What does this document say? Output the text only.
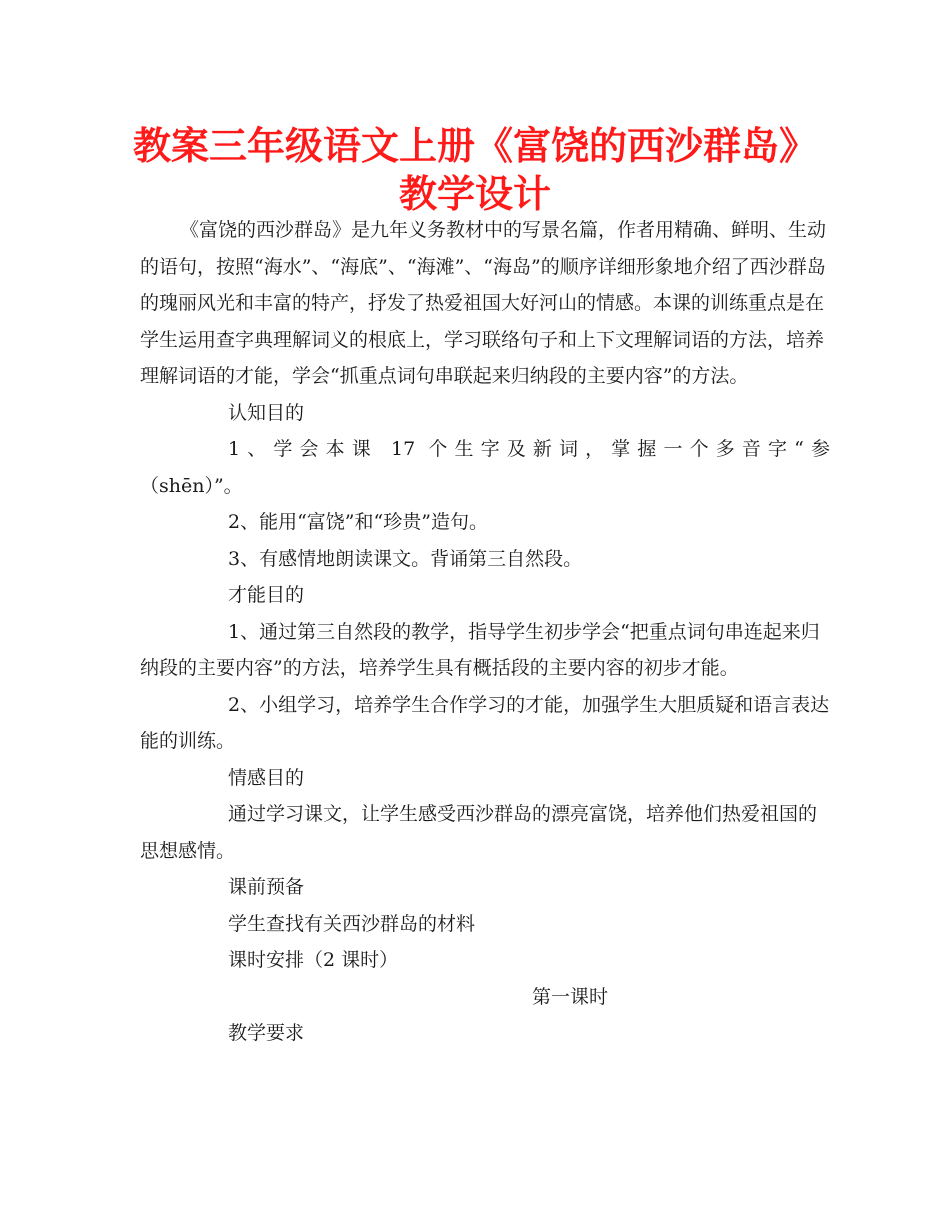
教案三年级语文上册《富饶的西沙群岛》
教学设计

《富饶的西沙群岛》是九年义务教材中的写景名篇，作者用精确、鲜明、生动的语句，按照“海水”、“海底”、“海滩”、“海岛”的顺序详细形象地介绍了西沙群岛的瑰丽风光和丰富的特产，抒发了热爱祖国大好河山的情感。本课的训练重点是在学生运用查字典理解词义的根底上，学习联络句子和上下文理解词语的方法，培养理解词语的才能，学会“抓重点词句串联起来归纳段的主要内容”的方法。

认知目的

1、学会本课 17 个生字及新词，掌握一个多音字“参

（shēn）”。

2、能用“富饶”和“珍贵”造句。

3、有感情地朗读课文。背诵第三自然段。

才能目的

1、通过第三自然段的教学，指导学生初步学会“把重点词句串连起来归纳段的主要内容”的方法，培养学生具有概括段的主要内容的初步才能。

2、小组学习，培养学生合作学习的才能，加强学生大胆质疑和语言表达能的训练。

情感目的

通过学习课文，让学生感受西沙群岛的漂亮富饶，培养他们热爱祖国的思想感情。

课前预备

学生查找有关西沙群岛的材料

课时安排（2 课时）

第一课时

教学要求
